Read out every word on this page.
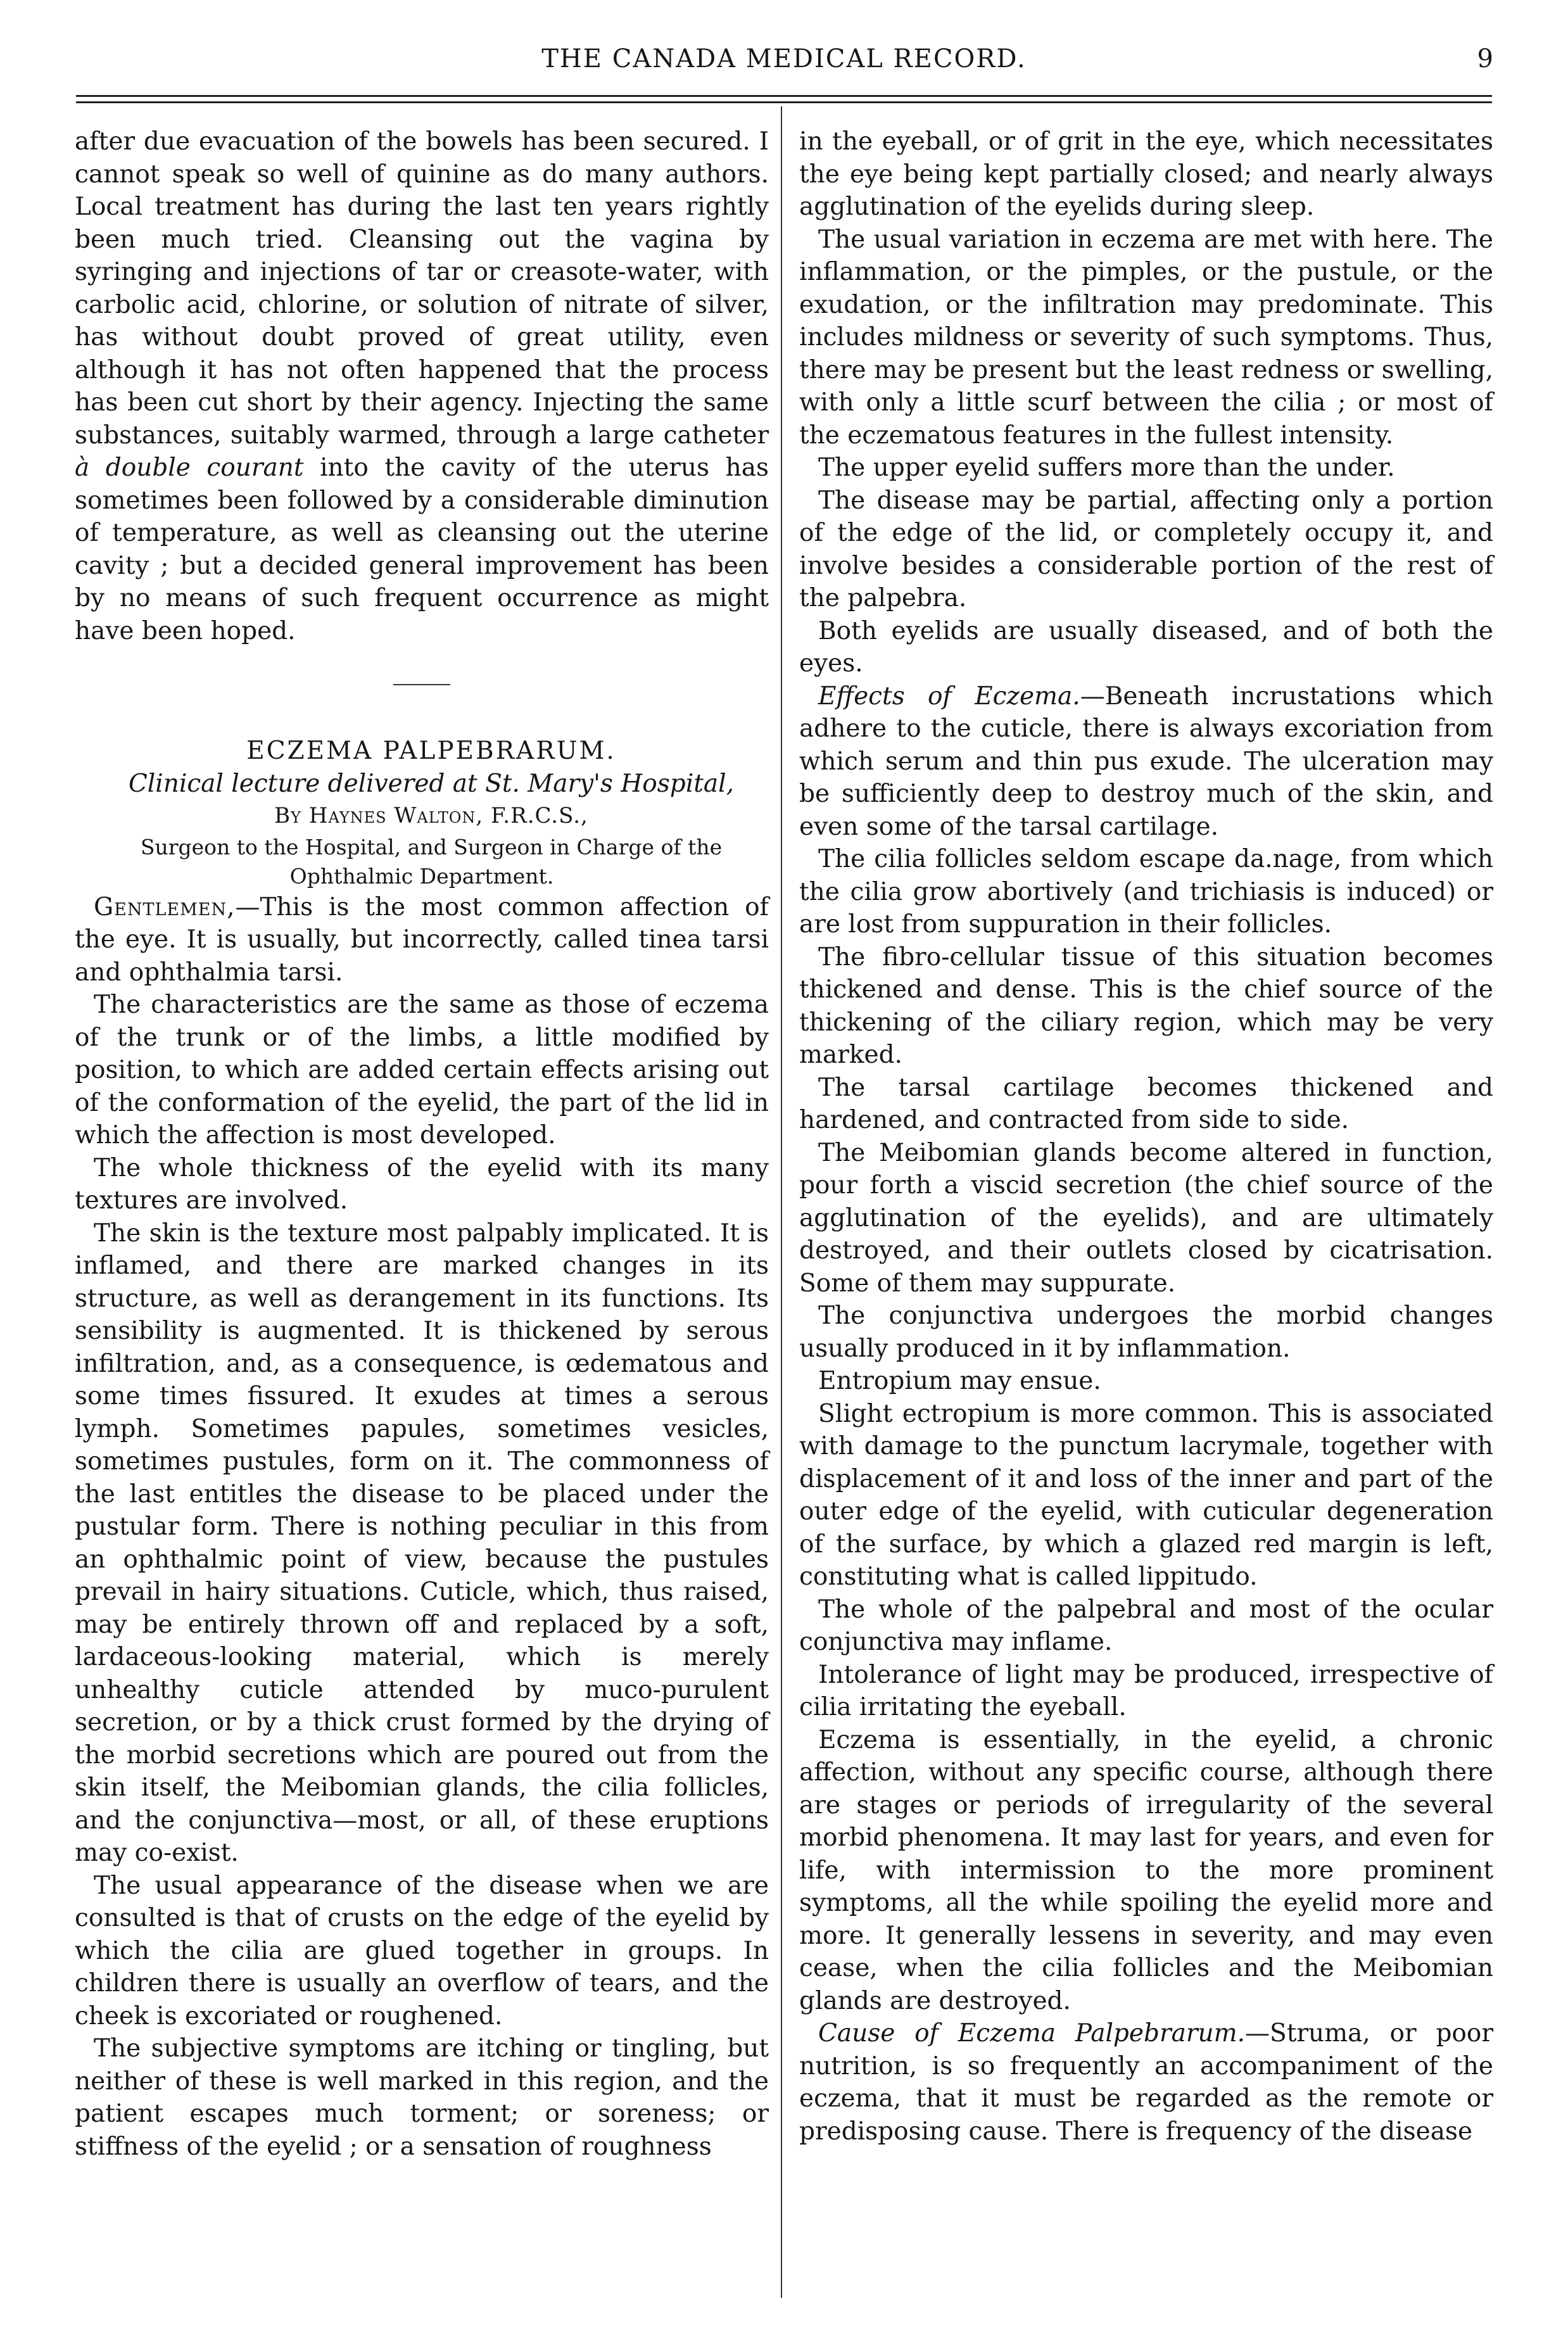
THE CANADA MEDICAL RECORD.	9

after due evacuation of the bowels has been secured. I cannot speak so well of quinine as do many authors. Local treatment has during the last ten years rightly been much tried. Cleansing out the vagina by syringing and injections of tar or creasote-water, with carbolic acid, chlorine, or solution of nitrate of silver, has without doubt proved of great utility, even although it has not often happened that the process has been cut short by their agency. Injecting the same substances, suitably warmed, through a large catheter à double courant into the cavity of the uterus has sometimes been followed by a considerable diminution of temperature, as well as cleansing out the uterine cavity ; but a decided general improvement has been by no means of such frequent occurrence as might have been hoped.

ECZEMA PALPEBRARUM.

Clinical lecture delivered at St. Mary's Hospital,

By Haynes Walton, F.R.C.S.,

Surgeon to the Hospital, and Surgeon in Charge of the Ophthalmic Department.

Gentlemen,—This is the most common affection of the eye. It is usually, but incorrectly, called tinea tarsi and ophthalmia tarsi.

The characteristics are the same as those of eczema of the trunk or of the limbs, a little modified by position, to which are added certain effects arising out of the conformation of the eyelid, the part of the lid in which the affection is most developed.

The whole thickness of the eyelid with its many textures are involved.

The skin is the texture most palpably implicated. It is inflamed, and there are marked changes in its structure, as well as derangement in its functions. Its sensibility is augmented. It is thickened by serous infiltration, and, as a consequence, is œdematous and some times fissured. It exudes at times a serous lymph. Sometimes papules, sometimes vesicles, sometimes pustules, form on it. The commonness of the last entitles the disease to be placed under the pustular form. There is nothing peculiar in this from an ophthalmic point of view, because the pustules prevail in hairy situations. Cuticle, which, thus raised, may be entirely thrown off and replaced by a soft, lardaceous-looking material, which is merely unhealthy cuticle attended by muco-purulent secretion, or by a thick crust formed by the drying of the morbid secretions which are poured out from the skin itself, the Meibomian glands, the cilia follicles, and the conjunctiva—most, or all, of these eruptions may co-exist.

The usual appearance of the disease when we are consulted is that of crusts on the edge of the eyelid by which the cilia are glued together in groups. In children there is usually an overflow of tears, and the cheek is excoriated or roughened.

The subjective symptoms are itching or tingling, but neither of these is well marked in this region, and the patient escapes much torment; or soreness; or stiffness of the eyelid ; or a sensation of roughness

in the eyeball, or of grit in the eye, which necessitates the eye being kept partially closed; and nearly always agglutination of the eyelids during sleep.

The usual variation in eczema are met with here. The inflammation, or the pimples, or the pustule, or the exudation, or the infiltration may predominate. This includes mildness or severity of such symptoms. Thus, there may be present but the least redness or swelling, with only a little scurf between the cilia ; or most of the eczematous features in the fullest intensity.

The upper eyelid suffers more than the under.

The disease may be partial, affecting only a portion of the edge of the lid, or completely occupy it, and involve besides a considerable portion of the rest of the palpebra.

Both eyelids are usually diseased, and of both the eyes.

Effects of Eczema.—Beneath incrustations which adhere to the cuticle, there is always excoriation from which serum and thin pus exude. The ulceration may be sufficiently deep to destroy much of the skin, and even some of the tarsal cartilage.

The cilia follicles seldom escape da.nage, from which the cilia grow abortively (and trichiasis is induced) or are lost from suppuration in their follicles.

The fibro-cellular tissue of this situation becomes thickened and dense. This is the chief source of the thickening of the ciliary region, which may be very marked.

The tarsal cartilage becomes thickened and hardened, and contracted from side to side.

The Meibomian glands become altered in function, pour forth a viscid secretion (the chief source of the agglutination of the eyelids), and are ultimately destroyed, and their outlets closed by cicatrisation. Some of them may suppurate.

The conjunctiva undergoes the morbid changes usually produced in it by inflammation.

Entropium may ensue.

Slight ectropium is more common. This is associated with damage to the punctum lacrymale, together with displacement of it and loss of the inner and part of the outer edge of the eyelid, with cuticular degeneration of the surface, by which a glazed red margin is left, constituting what is called lippitudo.

The whole of the palpebral and most of the ocular conjunctiva may inflame.

Intolerance of light may be produced, irrespective of cilia irritating the eyeball.

Eczema is essentially, in the eyelid, a chronic affection, without any specific course, although there are stages or periods of irregularity of the several morbid phenomena. It may last for years, and even for life, with intermission to the more prominent symptoms, all the while spoiling the eyelid more and more. It generally lessens in severity, and may even cease, when the cilia follicles and the Meibomian glands are destroyed.

Cause of Eczema Palpebrarum.—Struma, or poor nutrition, is so frequently an accompaniment of the eczema, that it must be regarded as the remote or predisposing cause. There is frequency of the disease
